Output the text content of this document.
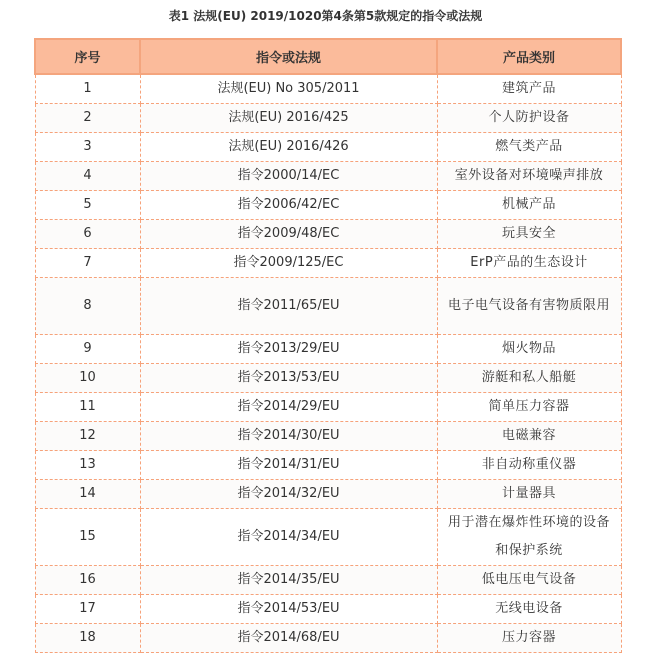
表1 法规(EU) 2019/1020第4条第5款规定的指令或法规
序号	指令或法规	产品类别
1	法规(EU) No 305/2011	建筑产品
2	法规(EU) 2016/425	个人防护设备
3	法规(EU) 2016/426	燃气类产品
4	指令2000/14/EC	室外设备对环境噪声排放
5	指令2006/42/EC	机械产品
6	指令2009/48/EC	玩具安全
7	指令2009/125/EC	ErP产品的生态设计
8	指令2011/65/EU	电子电气设备有害物质限用
9	指令2013/29/EU	烟火物品
10	指令2013/53/EU	游艇和私人船艇
11	指令2014/29/EU	简单压力容器
12	指令2014/30/EU	电磁兼容
13	指令2014/31/EU	非自动称重仪器
14	指令2014/32/EU	计量器具
15	指令2014/34/EU	用于潜在爆炸性环境的设备和保护系统
16	指令2014/35/EU	低电压电气设备
17	指令2014/53/EU	无线电设备
18	指令2014/68/EU	压力容器
